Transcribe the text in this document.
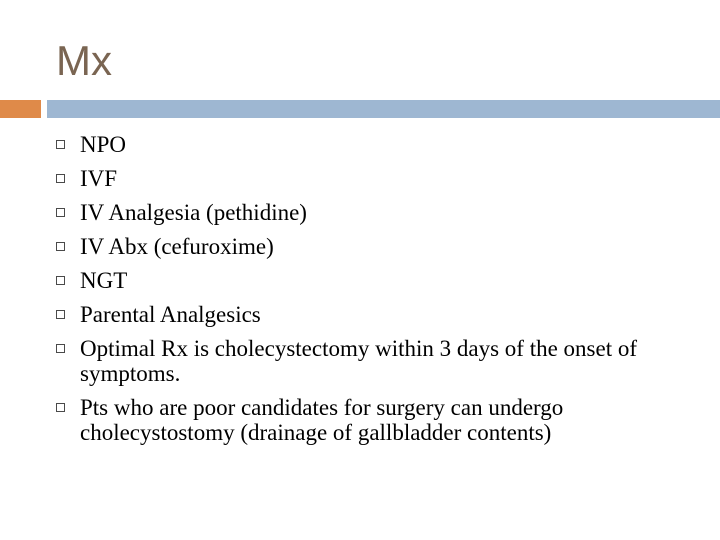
Mx
NPO
IVF
IV Analgesia (pethidine)
IV Abx (cefuroxime)
NGT
Parental Analgesics
Optimal Rx is cholecystectomy within 3 days of the onset of symptoms.
Pts who are poor candidates for surgery can undergo cholecystostomy (drainage of gallbladder contents)
